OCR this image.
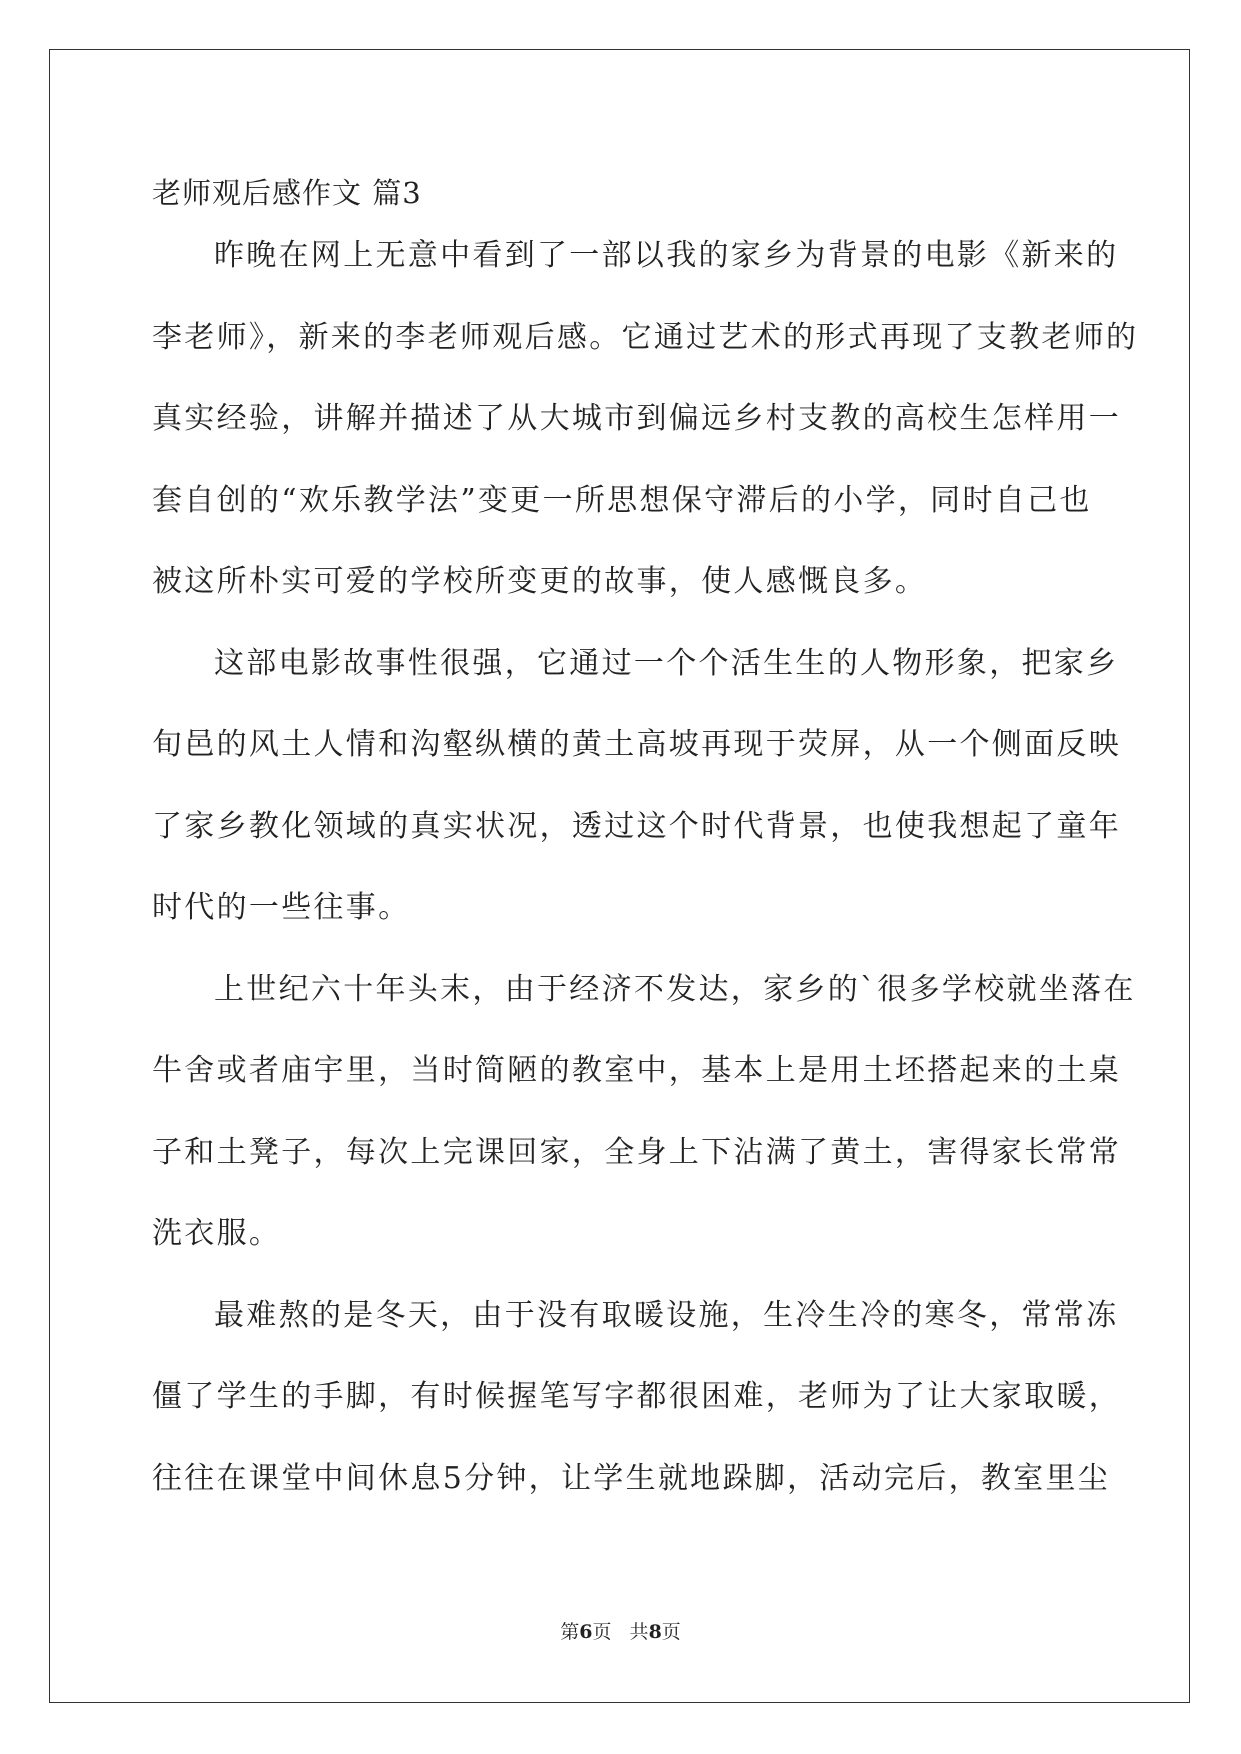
老师观后感作文 篇3
昨晚在网上无意中看到了一部以我的家乡为背景的电影《新来的
李老师》，新来的李老师观后感。它通过艺术的形式再现了支教老师的
真实经验，讲解并描述了从大城市到偏远乡村支教的高校生怎样用一
套自创的“欢乐教学法”变更一所思想保守滞后的小学，同时自己也
被这所朴实可爱的学校所变更的故事，使人感慨良多。
这部电影故事性很强，它通过一个个活生生的人物形象，把家乡
旬邑的风土人情和沟壑纵横的黄土高坡再现于荧屏，从一个侧面反映
了家乡教化领域的真实状况，透过这个时代背景，也使我想起了童年
时代的一些往事。
上世纪六十年头末，由于经济不发达，家乡的`很多学校就坐落在
牛舍或者庙宇里，当时简陋的教室中，基本上是用土坯搭起来的土桌
子和土凳子，每次上完课回家，全身上下沾满了黄土，害得家长常常
洗衣服。
最难熬的是冬天，由于没有取暖设施，生冷生冷的寒冬，常常冻
僵了学生的手脚，有时候握笔写字都很困难，老师为了让大家取暖，
往往在课堂中间休息5分钟，让学生就地跺脚，活动完后，教室里尘
第6页   共8页
